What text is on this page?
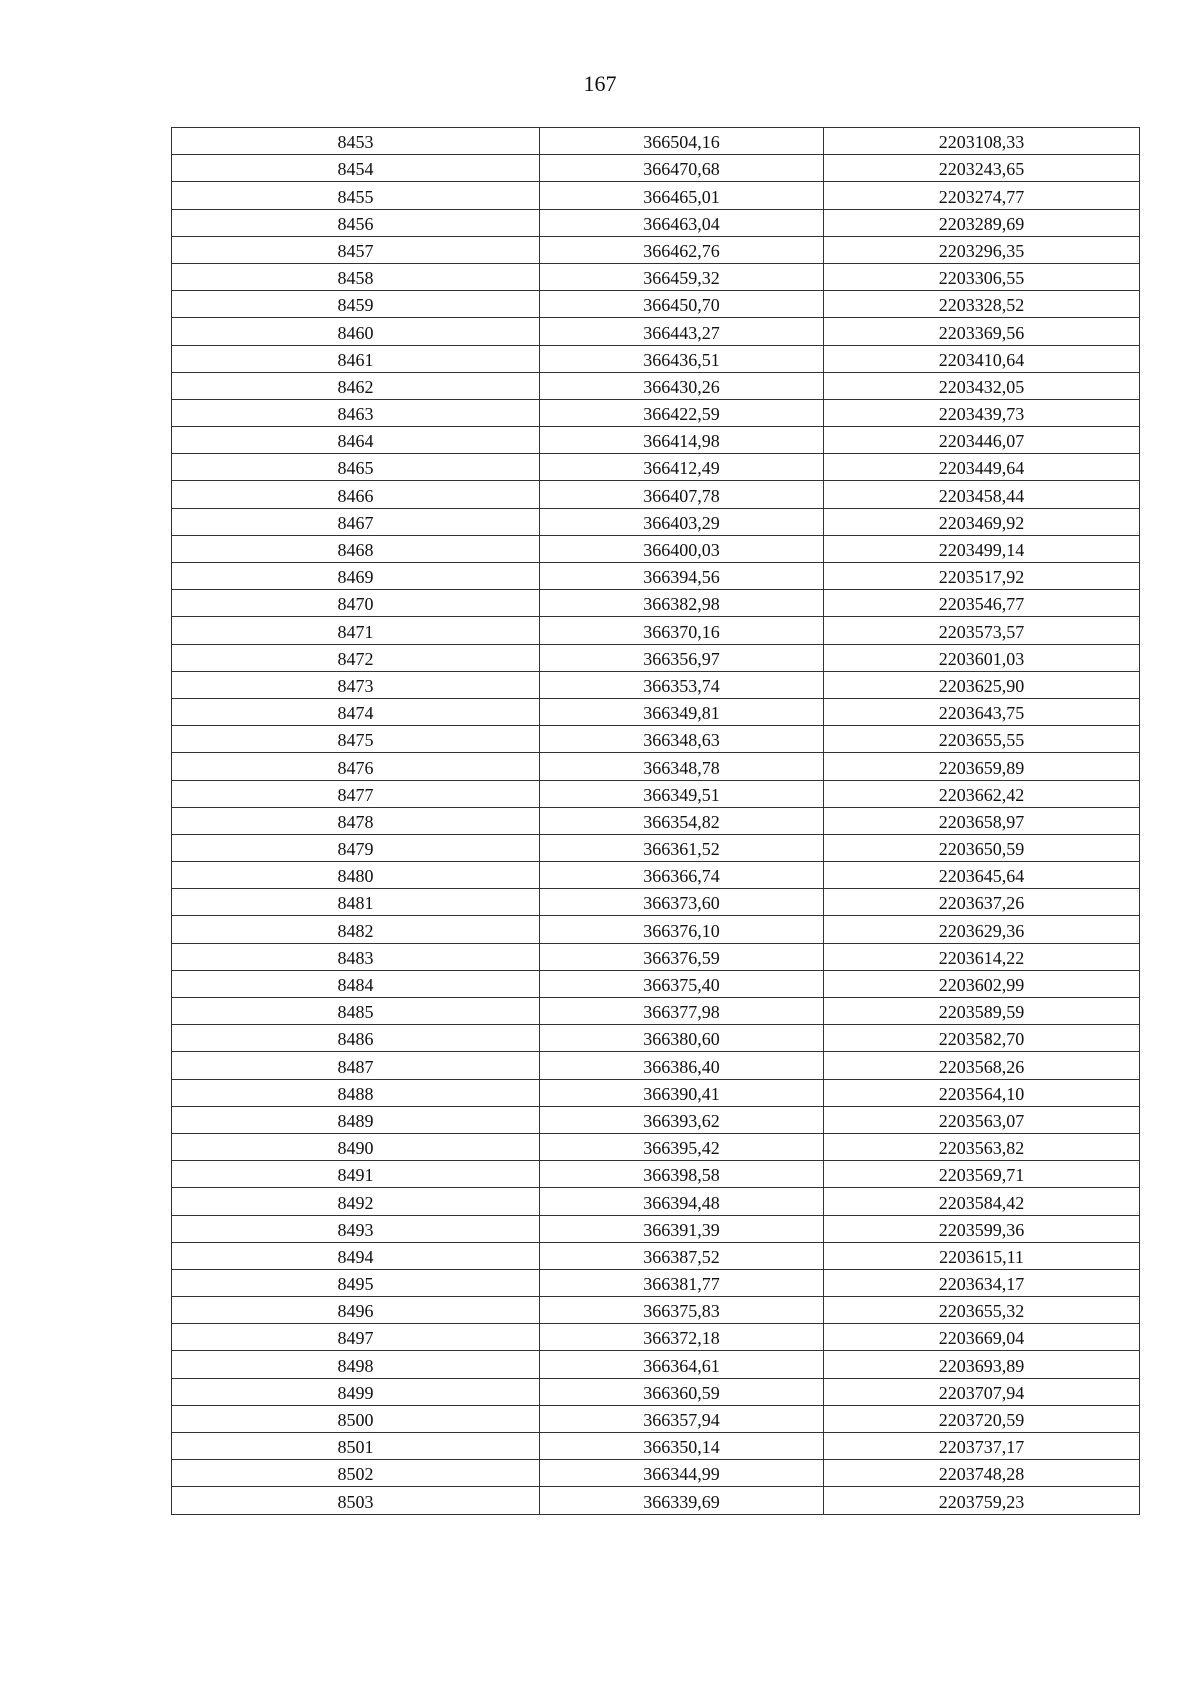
167
8453	366504,16	2203108,33
8454	366470,68	2203243,65
8455	366465,01	2203274,77
8456	366463,04	2203289,69
8457	366462,76	2203296,35
8458	366459,32	2203306,55
8459	366450,70	2203328,52
8460	366443,27	2203369,56
8461	366436,51	2203410,64
8462	366430,26	2203432,05
8463	366422,59	2203439,73
8464	366414,98	2203446,07
8465	366412,49	2203449,64
8466	366407,78	2203458,44
8467	366403,29	2203469,92
8468	366400,03	2203499,14
8469	366394,56	2203517,92
8470	366382,98	2203546,77
8471	366370,16	2203573,57
8472	366356,97	2203601,03
8473	366353,74	2203625,90
8474	366349,81	2203643,75
8475	366348,63	2203655,55
8476	366348,78	2203659,89
8477	366349,51	2203662,42
8478	366354,82	2203658,97
8479	366361,52	2203650,59
8480	366366,74	2203645,64
8481	366373,60	2203637,26
8482	366376,10	2203629,36
8483	366376,59	2203614,22
8484	366375,40	2203602,99
8485	366377,98	2203589,59
8486	366380,60	2203582,70
8487	366386,40	2203568,26
8488	366390,41	2203564,10
8489	366393,62	2203563,07
8490	366395,42	2203563,82
8491	366398,58	2203569,71
8492	366394,48	2203584,42
8493	366391,39	2203599,36
8494	366387,52	2203615,11
8495	366381,77	2203634,17
8496	366375,83	2203655,32
8497	366372,18	2203669,04
8498	366364,61	2203693,89
8499	366360,59	2203707,94
8500	366357,94	2203720,59
8501	366350,14	2203737,17
8502	366344,99	2203748,28
8503	366339,69	2203759,23
